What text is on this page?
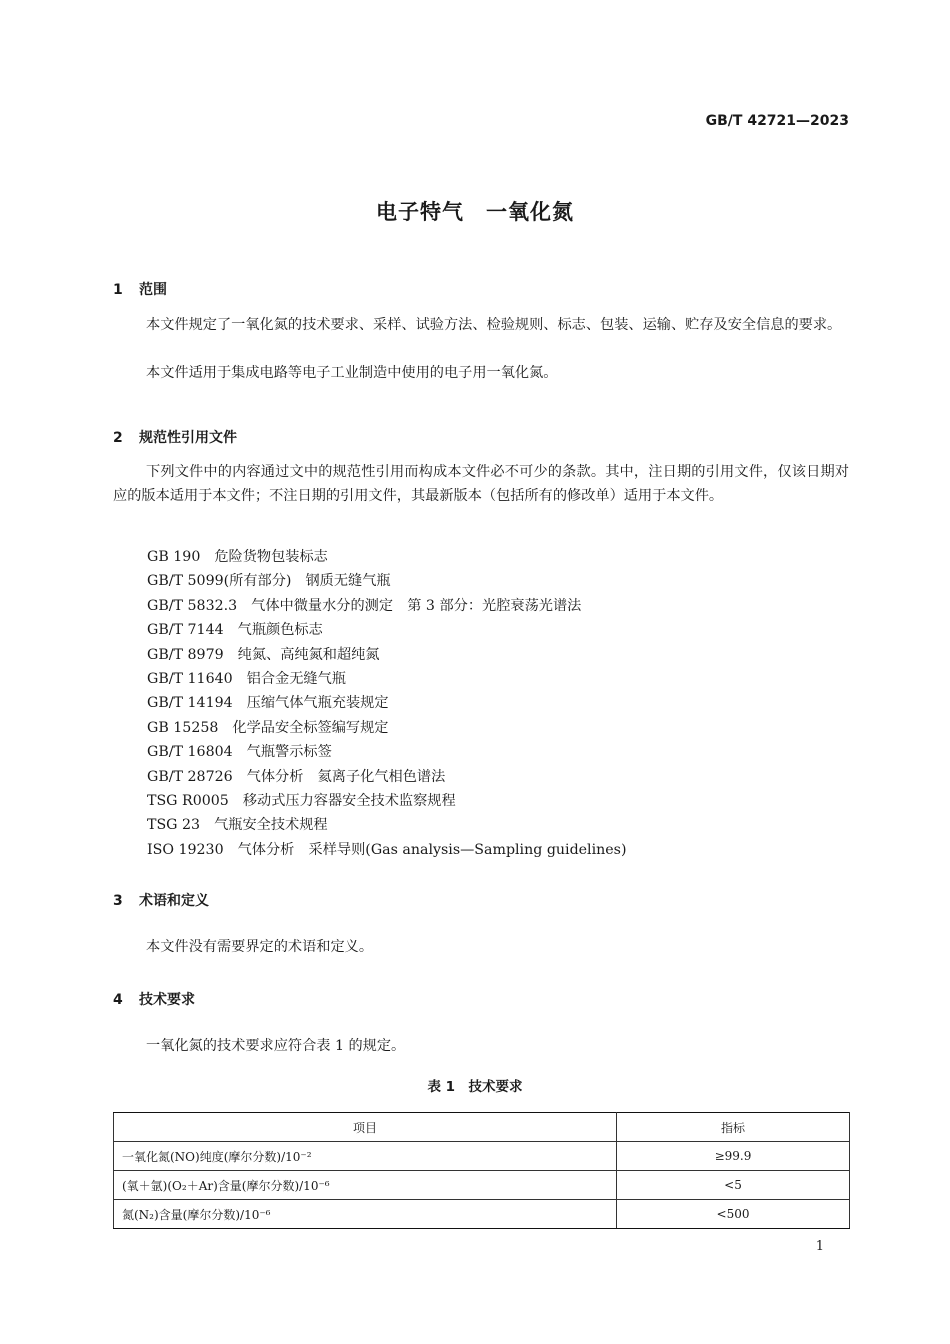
GB/T 42721—2023
电子特气　一氧化氮
1 范围

本文件规定了一氧化氮的技术要求、采样、试验方法、检验规则、标志、包装、运输、贮存及安全信息的要求。

本文件适用于集成电路等电子工业制造中使用的电子用一氧化氮。

2 规范性引用文件

下列文件中的内容通过文中的规范性引用而构成本文件必不可少的条款。其中，注日期的引用文件，仅该日期对应的版本适用于本文件；不注日期的引用文件，其最新版本（包括所有的修改单）适用于本文件。

GB 190 危险货物包装标志
GB/T 5099(所有部分) 钢质无缝气瓶
GB/T 5832.3 气体中微量水分的测定　第 3 部分：光腔衰荡光谱法
GB/T 7144 气瓶颜色标志
GB/T 8979 纯氮、高纯氮和超纯氮
GB/T 11640 铝合金无缝气瓶
GB/T 14194 压缩气体气瓶充装规定
GB 15258 化学品安全标签编写规定
GB/T 16804 气瓶警示标签
GB/T 28726 气体分析　氦离子化气相色谱法
TSG R0005 移动式压力容器安全技术监察规程
TSG 23 气瓶安全技术规程
ISO 19230 气体分析　采样导则(Gas analysis—Sampling guidelines)
3 术语和定义

本文件没有需要界定的术语和定义。

4 技术要求

一氧化氮的技术要求应符合表 1 的规定。

表 1　技术要求
项目	指标
一氧化氮(NO)纯度(摩尔分数)/10⁻²	≥99.9
(氧＋氩)(O₂＋Ar)含量(摩尔分数)/10⁻⁶	<5
氮(N₂)含量(摩尔分数)/10⁻⁶	<500
1
